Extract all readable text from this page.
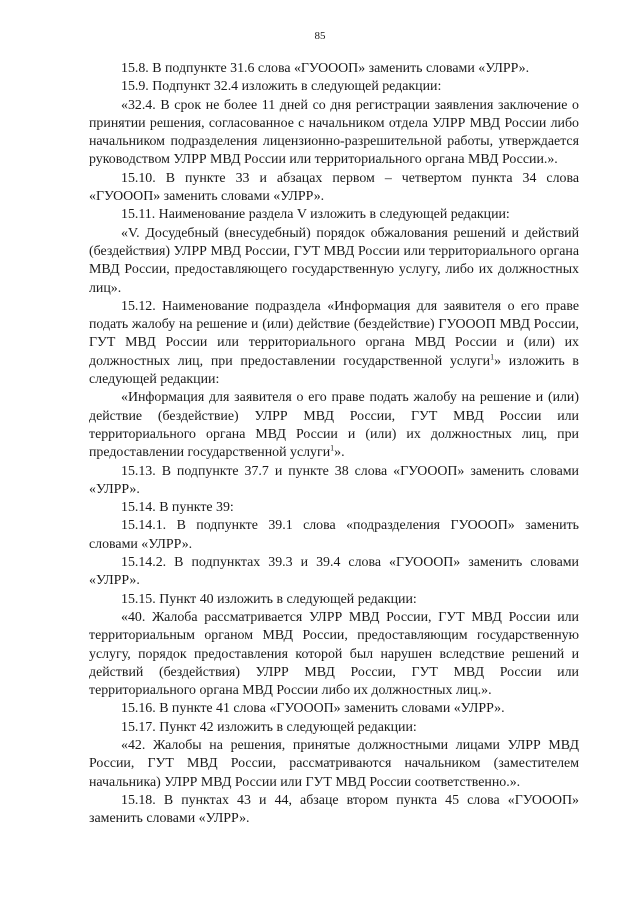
85

15.8. В подпункте 31.6 слова «ГУОООП» заменить словами «УЛРР».

15.9. Подпункт 32.4 изложить в следующей редакции:

«32.4. В срок не более 11 дней со дня регистрации заявления заключение о принятии решения, согласованное с начальником отдела УЛРР МВД России либо начальником подразделения лицензионно-разрешительной работы, утверждается руководством УЛРР МВД России или территориального органа МВД России.».

15.10. В пункте 33 и абзацах первом – четвертом пункта 34 слова «ГУОООП» заменить словами «УЛРР».

15.11. Наименование раздела V изложить в следующей редакции:

«V. Досудебный (внесудебный) порядок обжалования решений и действий (бездействия) УЛРР МВД России, ГУТ МВД России или территориального органа МВД России, предоставляющего государственную услугу, либо их должностных лиц».

15.12. Наименование подраздела «Информация для заявителя о его праве подать жалобу на решение и (или) действие (бездействие) ГУОООП МВД России, ГУТ МВД России или территориального органа МВД России и (или) их должностных лиц, при предоставлении государственной услуги$^1$» изложить в следующей редакции:

«Информация для заявителя о его праве подать жалобу на решение и (или) действие (бездействие) УЛРР МВД России, ГУТ МВД России или территориального органа МВД России и (или) их должностных лиц, при предоставлении государственной услуги$^1$».

15.13. В подпункте 37.7 и пункте 38 слова «ГУОООП» заменить словами «УЛРР».

15.14. В пункте 39:

15.14.1. В подпункте 39.1 слова «подразделения ГУОООП» заменить словами «УЛРР».

15.14.2. В подпунктах 39.3 и 39.4 слова «ГУОООП» заменить словами «УЛРР».

15.15. Пункт 40 изложить в следующей редакции:

«40. Жалоба рассматривается УЛРР МВД России, ГУТ МВД России или территориальным органом МВД России, предоставляющим государственную услугу, порядок предоставления которой был нарушен вследствие решений и действий (бездействия) УЛРР МВД России, ГУТ МВД России или территориального органа МВД России либо их должностных лиц.».

15.16. В пункте 41 слова «ГУОООП» заменить словами «УЛРР».

15.17. Пункт 42 изложить в следующей редакции:

«42. Жалобы на решения, принятые должностными лицами УЛРР МВД России, ГУТ МВД России, рассматриваются начальником (заместителем начальника) УЛРР МВД России или ГУТ МВД России соответственно.».

15.18. В пунктах 43 и 44, абзаце втором пункта 45 слова «ГУОООП» заменить словами «УЛРР».
